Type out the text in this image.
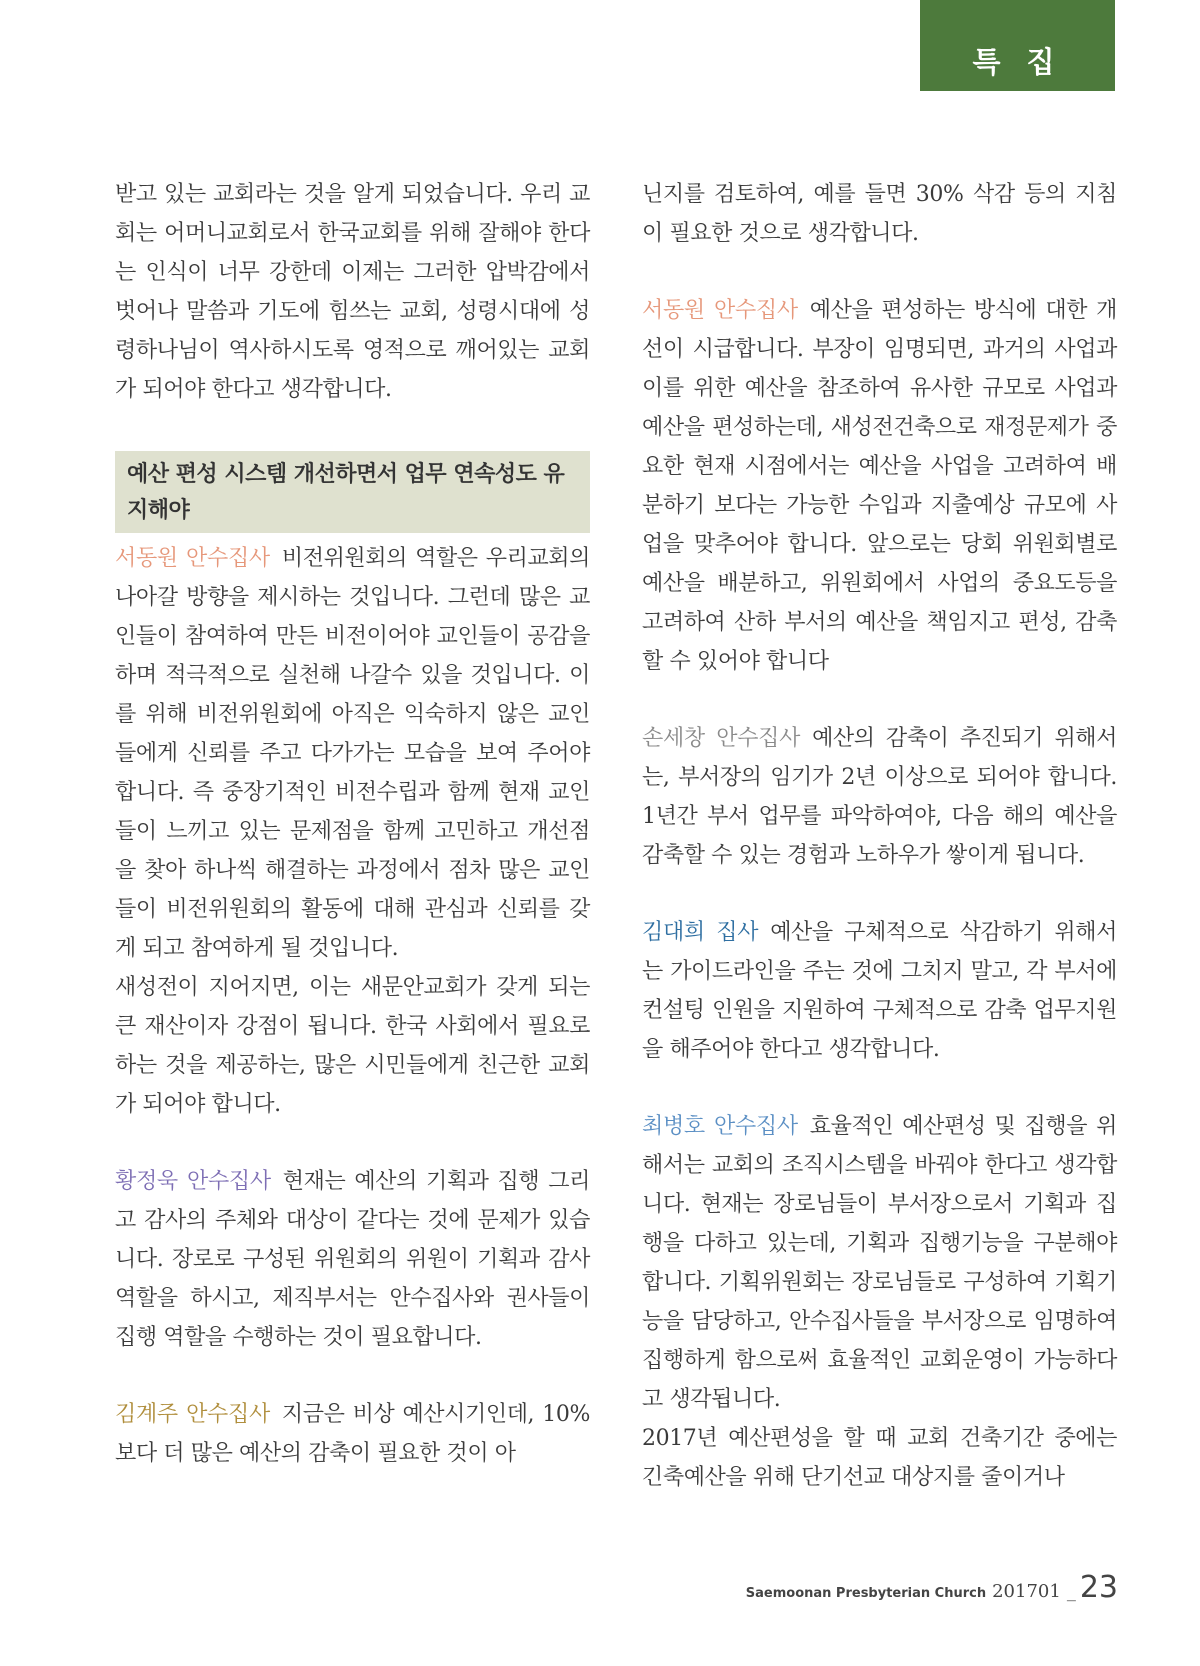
특 집

받고 있는 교회라는 것을 알게 되었습니다. 우리 교회는 어머니교회로서 한국교회를 위해 잘해야 한다는 인식이 너무 강한데 이제는 그러한 압박감에서 벗어나 말씀과 기도에 힘쓰는 교회, 성령시대에 성령하나님이 역사하시도록 영적으로 깨어있는 교회가 되어야 한다고 생각합니다.

예산 편성 시스템 개선하면서 업무 연속성도 유지해야

서동원 안수집사 비전위원회의 역할은 우리교회의 나아갈 방향을 제시하는 것입니다. 그런데 많은 교인들이 참여하여 만든 비전이어야 교인들이 공감을 하며 적극적으로 실천해 나갈수 있을 것입니다. 이를 위해 비전위원회에 아직은 익숙하지 않은 교인들에게 신뢰를 주고 다가가는 모습을 보여 주어야 합니다. 즉 중장기적인 비전수립과 함께 현재 교인들이 느끼고 있는 문제점을 함께 고민하고 개선점을 찾아 하나씩 해결하는 과정에서 점차 많은 교인들이 비전위원회의 활동에 대해 관심과 신뢰를 갖게 되고 참여하게 될 것입니다.

새성전이 지어지면, 이는 새문안교회가 갖게 되는 큰 재산이자 강점이 됩니다. 한국 사회에서 필요로 하는 것을 제공하는, 많은 시민들에게 친근한 교회가 되어야 합니다.

황정욱 안수집사 현재는 예산의 기획과 집행 그리고 감사의 주체와 대상이 같다는 것에 문제가 있습니다. 장로로 구성된 위원회의 위원이 기획과 감사 역할을 하시고, 제직부서는 안수집사와 권사들이 집행 역할을 수행하는 것이 필요합니다.

김계주 안수집사 지금은 비상 예산시기인데, 10%보다 더 많은 예산의 감축이 필요한 것이 아

닌지를 검토하여, 예를 들면 30% 삭감 등의 지침이 필요한 것으로 생각합니다.

서동원 안수집사 예산을 편성하는 방식에 대한 개선이 시급합니다. 부장이 임명되면, 과거의 사업과 이를 위한 예산을 참조하여 유사한 규모로 사업과 예산을 편성하는데, 새성전건축으로 재정문제가 중요한 현재 시점에서는 예산을 사업을 고려하여 배분하기 보다는 가능한 수입과 지출예상 규모에 사업을 맞추어야 합니다. 앞으로는 당회 위원회별로 예산을 배분하고, 위원회에서 사업의 중요도등을 고려하여 산하 부서의 예산을 책임지고 편성, 감축할 수 있어야 합니다

손세창 안수집사 예산의 감축이 추진되기 위해서는, 부서장의 임기가 2년 이상으로 되어야 합니다. 1년간 부서 업무를 파악하여야, 다음 해의 예산을 감축할 수 있는 경험과 노하우가 쌓이게 됩니다.

김대희 집사 예산을 구체적으로 삭감하기 위해서는 가이드라인을 주는 것에 그치지 말고, 각 부서에 컨설팅 인원을 지원하여 구체적으로 감축 업무지원을 해주어야 한다고 생각합니다.

최병호 안수집사 효율적인 예산편성 및 집행을 위해서는 교회의 조직시스템을 바꿔야 한다고 생각합니다. 현재는 장로님들이 부서장으로서 기획과 집행을 다하고 있는데, 기획과 집행기능을 구분해야 합니다. 기획위원회는 장로님들로 구성하여 기획기능을 담당하고, 안수집사들을 부서장으로 임명하여 집행하게 함으로써 효율적인 교회운영이 가능하다고 생각됩니다.

2017년 예산편성을 할 때 교회 건축기간 중에는 긴축예산을 위해 단기선교 대상지를 줄이거나

Saemoonan Presbyterian Church 201701 _ 23
